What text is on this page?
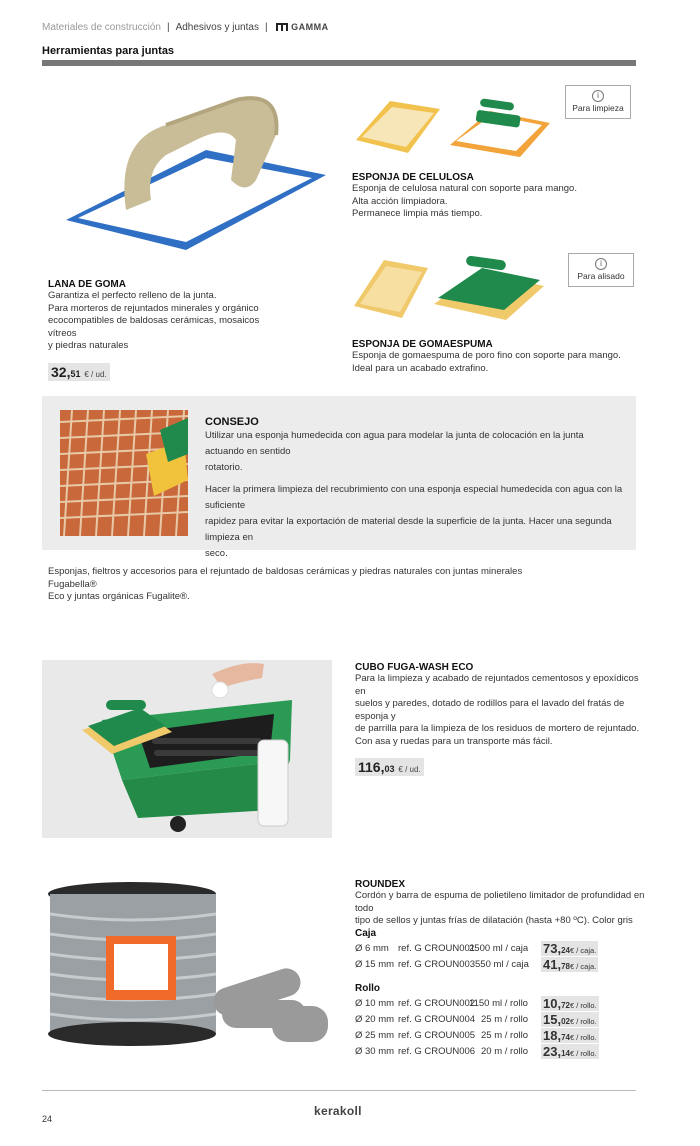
Materiales de construcción | Adhesivos y juntas |	GAMMA
Herramientas para juntas
LANA DE GOMA
Garantiza el perfecto relleno de la junta.
Para morteros de rejuntados minerales y orgánico
ecocompatibles de baldosas cerámicas, mosaicos vítreos
y piedras naturales
32,51 € / ud.
i
Para limpieza
ESPONJA DE CELULOSA
Esponja de celulosa natural con soporte para mango.
Alta acción limpiadora.
Permanece limpia más tiempo.
i
Para alisado
ESPONJA DE GOMAESPUMA
Esponja de gomaespuma de poro fino con soporte para mango.
Ideal para un acabado extrafino.
CONSEJO
Utilizar una esponja humedecida con agua para modelar la junta de colocación en la junta actuando en sentido
rotatorio.
Hacer la primera limpieza del recubrimiento con una esponja especial humedecida con agua con la suficiente
rapidez para evitar la exportación de material desde la superficie de la junta. Hacer una segunda limpieza en
seco.
Esponjas, fieltros y accesorios para el rejuntado de baldosas cerámicas y piedras naturales con juntas minerales Fugabella®
Eco y juntas orgánicas Fugalite®.
CUBO FUGA-WASH ECO
Para la limpieza y acabado de rejuntados cementosos y epoxídicos en
suelos y paredes, dotado de rodillos para el lavado del fratás de esponja y
de parrilla para la limpieza de los residuos de mortero de rejuntado.
Con asa y ruedas para un transporte más fácil.
116,03 € / ud.
ROUNDEX
Cordón y barra de espuma de polietileno limitador de profundidad en todo
tipo de sellos y juntas frías de dilatación (hasta +80 ºC). Color gris
Caja
Ø 6 mm ref. G CROUN001
2500 ml / caja 73,24€ / caja.
Ø 15 mm ref. G CROUN003 550 ml / caja 41,78€ / caja.
Rollo
Ø 10 mm ref. G CROUN002
1150 ml / rollo 10,72€ / rollo.
Ø 20 mm ref. G CROUN004 25 m / rollo 15,02€ / rollo.
Ø 25 mm ref. G CROUN005 25 m / rollo 18,74€ / rollo.
Ø 30 mm ref. G CROUN006 20 m / rollo 23,14€ / rollo.
24
kerakoll
